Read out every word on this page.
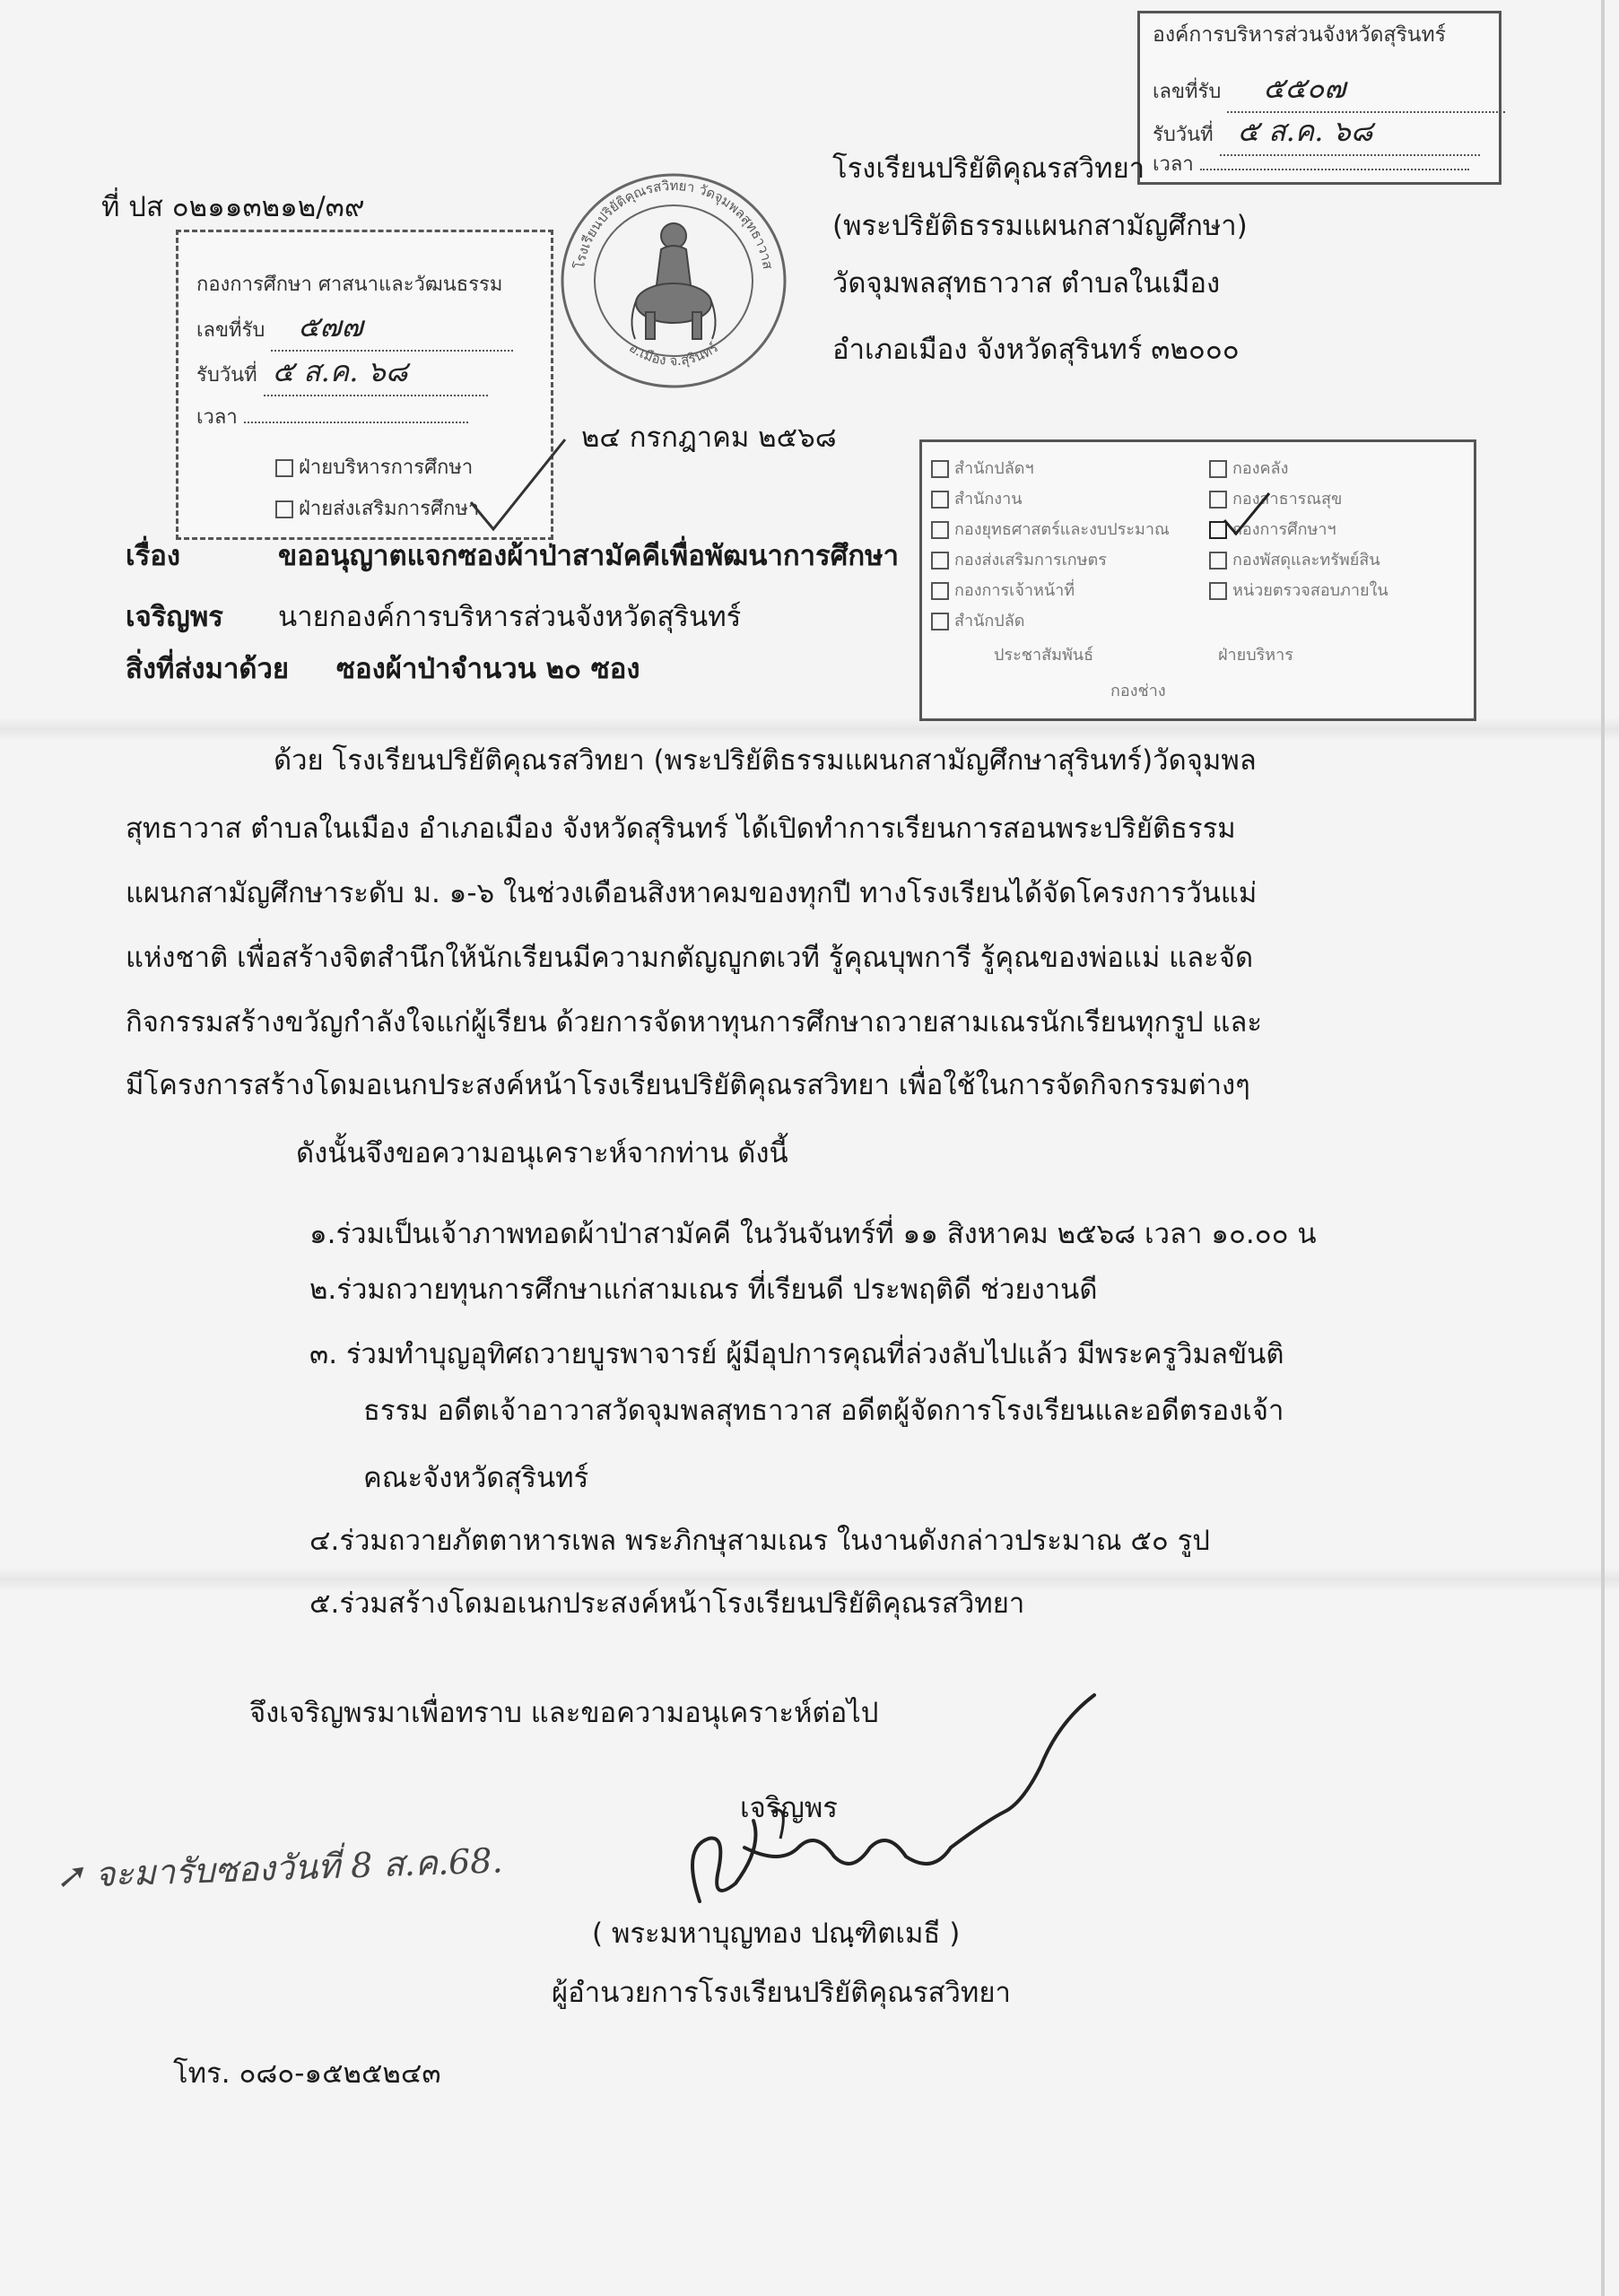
องค์การบริหารส่วนจังหวัดสุรินทร์
เลขที่รับ ๕๕๐๗
รับวันที่ ๕ ส.ค. ๖๘
เวลา
ที่ ปส ๐๒๑๑๓๒๑๒/๓๙
กองการศึกษา ศาสนาและวัฒนธรรม
เลขที่รับ ๕๗๗
รับวันที่ ๕ ส.ค. ๖๘
เวลา
ฝ่ายบริหารการศึกษา
ฝ่ายส่งเสริมการศึกษา
โรงเรียนปริยัติคุณรสวิทยา วัดจุมพลสุทธาวาส
อ.เมือง จ.สุรินทร์
โรงเรียนปริยัติคุณรสวิทยา
(พระปริยัติธรรมแผนกสามัญศึกษา)
วัดจุมพลสุทธาวาส ตำบลในเมือง
อำเภอเมือง จังหวัดสุรินทร์ ๓๒๐๐๐
๒๔ กรกฎาคม ๒๕๖๘
สำนักปลัดฯ
สำนักงาน
กองยุทธศาสตร์และงบประมาณ
กองส่งเสริมการเกษตร
กองการเจ้าหน้าที่
สำนักปลัด
กองคลัง
กองสาธารณสุข
กองการศึกษาฯ
กองพัสดุและทรัพย์สิน
หน่วยตรวจสอบภายใน
ประชาสัมพันธ์	ฝ่ายบริหาร
กองช่าง
เรื่อง	ขออนุญาตแจกซองผ้าป่าสามัคคีเพื่อพัฒนาการศึกษา
เจริญพร นายกองค์การบริหารส่วนจังหวัดสุรินทร์
สิ่งที่ส่งมาด้วย ซองผ้าป่าจำนวน ๒๐ ซอง
ด้วย โรงเรียนปริยัติคุณรสวิทยา (พระปริยัติธรรมแผนกสามัญศึกษาสุรินทร์)วัดจุมพล
สุทธาวาส ตำบลในเมือง อำเภอเมือง จังหวัดสุรินทร์ ได้เปิดทำการเรียนการสอนพระปริยัติธรรม
แผนกสามัญศึกษาระดับ ม. ๑-๖ ในช่วงเดือนสิงหาคมของทุกปี ทางโรงเรียนได้จัดโครงการวันแม่
แห่งชาติ เพื่อสร้างจิตสำนึกให้นักเรียนมีความกตัญญูกตเวที รู้คุณบุพการี รู้คุณของพ่อแม่ และจัด
กิจกรรมสร้างขวัญกำลังใจแก่ผู้เรียน ด้วยการจัดหาทุนการศึกษาถวายสามเณรนักเรียนทุกรูป และ
มีโครงการสร้างโดมอเนกประสงค์หน้าโรงเรียนปริยัติคุณรสวิทยา เพื่อใช้ในการจัดกิจกรรมต่างๆ
ดังนั้นจึงขอความอนุเคราะห์จากท่าน ดังนี้
๑.ร่วมเป็นเจ้าภาพทอดผ้าป่าสามัคคี ในวันจันทร์ที่ ๑๑ สิงหาคม ๒๕๖๘ เวลา ๑๐.๐๐ น
๒.ร่วมถวายทุนการศึกษาแก่สามเณร ที่เรียนดี ประพฤติดี ช่วยงานดี
๓. ร่วมทำบุญอุทิศถวายบูรพาจารย์ ผู้มีอุปการคุณที่ล่วงลับไปแล้ว มีพระครูวิมลขันติ
ธรรม อดีตเจ้าอาวาสวัดจุมพลสุทธาวาส อดีตผู้จัดการโรงเรียนและอดีตรองเจ้า
คณะจังหวัดสุรินทร์
๔.ร่วมถวายภัตตาหารเพล พระภิกษุสามเณร ในงานดังกล่าวประมาณ ๕๐ รูป
๕.ร่วมสร้างโดมอเนกประสงค์หน้าโรงเรียนปริยัติคุณรสวิทยา
จึงเจริญพรมาเพื่อทราบ และขอความอนุเคราะห์ต่อไป
เจริญพร
( พระมหาบุญทอง ปณฺฑิตเมธี )
ผู้อำนวยการโรงเรียนปริยัติคุณรสวิทยา
➚ จะมารับซองวันที่ 8 ส.ค.68.
โทร. ๐๘๐-๑๕๒๕๒๔๓
